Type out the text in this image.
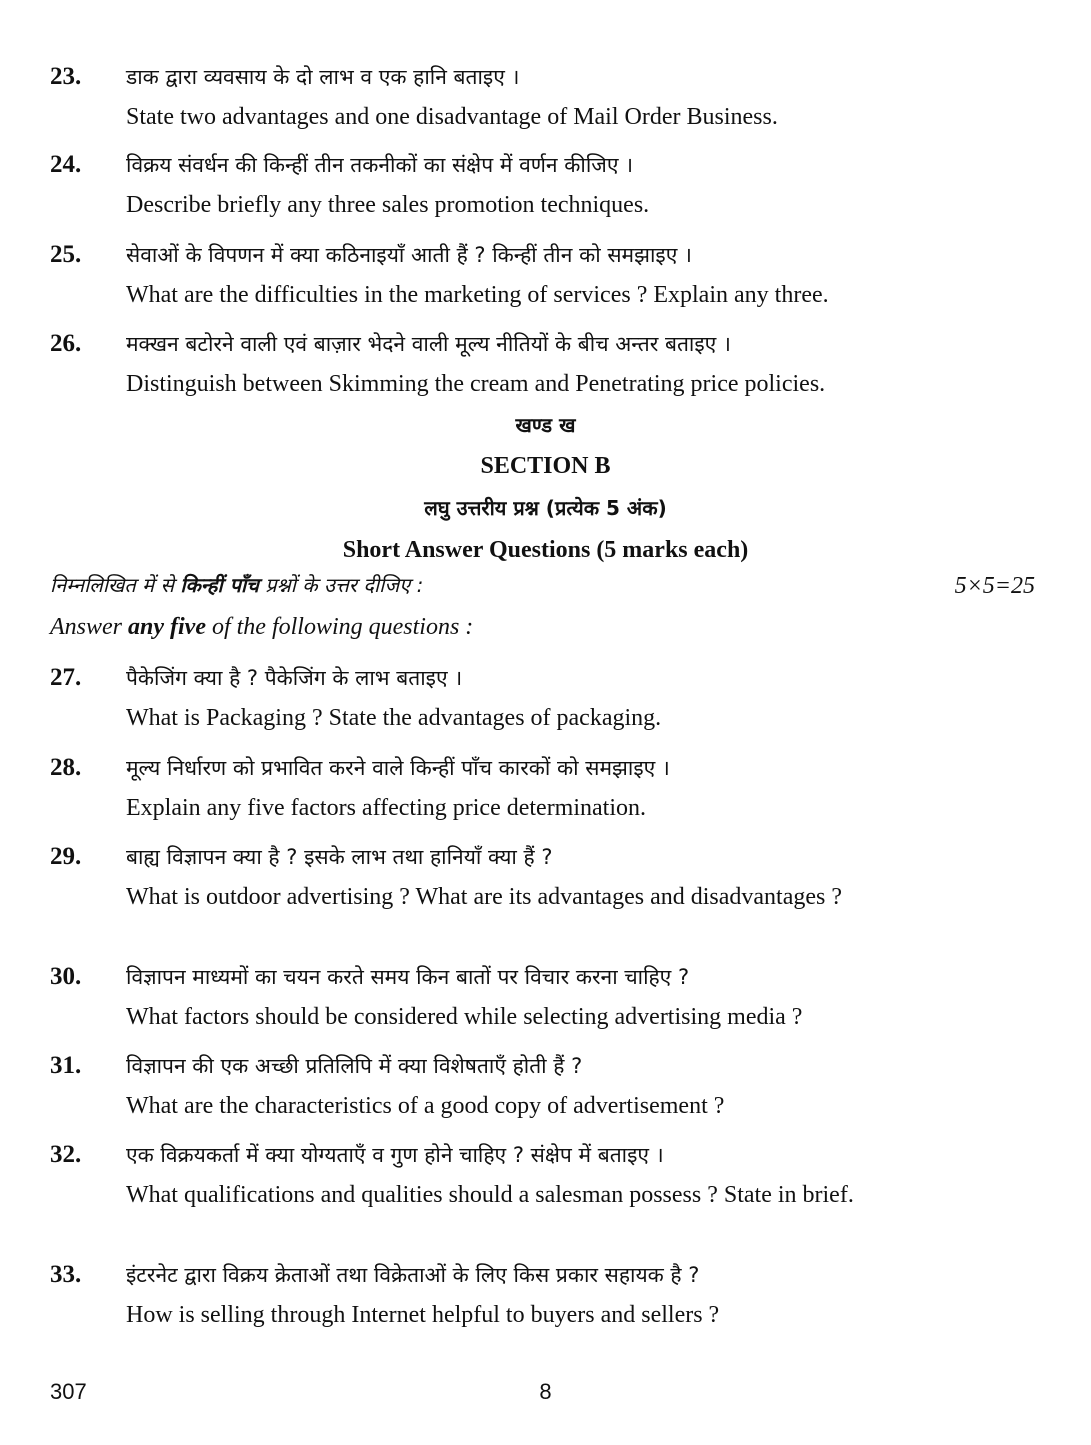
23.	डाक द्वारा व्यवसाय के दो लाभ व एक हानि बताइए ।
State two advantages and one disadvantage of Mail Order Business.
24.	विक्रय संवर्धन की किन्हीं तीन तकनीकों का संक्षेप में वर्णन कीजिए ।
Describe briefly any three sales promotion techniques.
25.	सेवाओं के विपणन में क्या कठिनाइयाँ आती हैं ? किन्हीं तीन को समझाइए ।
What are the difficulties in the marketing of services ? Explain any three.
26.	मक्खन बटोरने वाली एवं बाज़ार भेदने वाली मूल्य नीतियों के बीच अन्तर बताइए ।
Distinguish between Skimming the cream and Penetrating price policies.
खण्ड ख
SECTION B
लघु उत्तरीय प्रश्न (प्रत्येक 5 अंक)
Short Answer Questions (5 marks each)
निम्नलिखित में से किन्हीं पाँच प्रश्नों के उत्तर दीजिए :	5×5=25
Answer any five of the following questions :
27.	पैकेजिंग क्या है ? पैकेजिंग के लाभ बताइए ।
What is Packaging ? State the advantages of packaging.
28.	मूल्य निर्धारण को प्रभावित करने वाले किन्हीं पाँच कारकों को समझाइए ।
Explain any five factors affecting price determination.
29.	बाह्य विज्ञापन क्या है ? इसके लाभ तथा हानियाँ क्या हैं ?
What is outdoor advertising ? What are its advantages and disadvantages ?
30.	विज्ञापन माध्यमों का चयन करते समय किन बातों पर विचार करना चाहिए ?
What factors should be considered while selecting advertising media ?
31.	विज्ञापन की एक अच्छी प्रतिलिपि में क्या विशेषताएँ होती हैं ?
What are the characteristics of a good copy of advertisement ?
32.	एक विक्रयकर्ता में क्या योग्यताएँ व गुण होने चाहिए ? संक्षेप में बताइए ।
What qualifications and qualities should a salesman possess ? State in brief.
33.	इंटरनेट द्वारा विक्रय क्रेताओं तथा विक्रेताओं के लिए किस प्रकार सहायक है ?
How is selling through Internet helpful to buyers and sellers ?
307	8
